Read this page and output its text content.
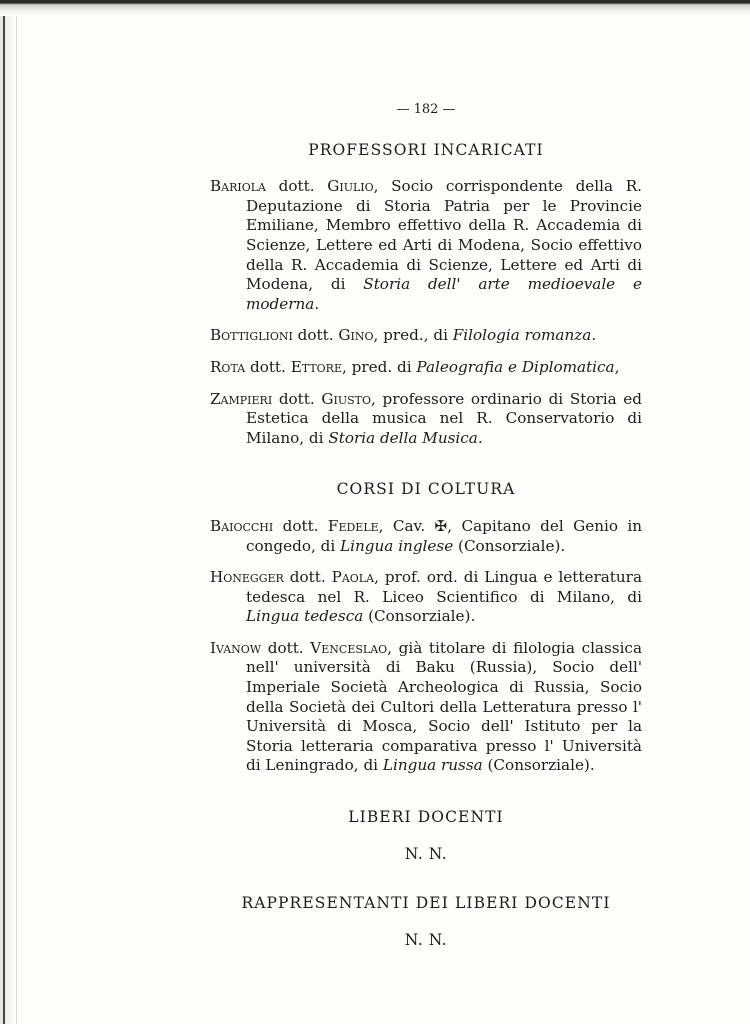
— 182 —
PROFESSORI INCARICATI

Bariola dott. Giulio, Socio corrispondente della R. Deputazione di Storia Patria per le Provincie Emiliane, Membro effettivo della R. Accademia di Scienze, Lettere ed Arti di Modena, Socio effettivo della R. Accademia di Scienze, Lettere ed Arti di Modena, di Storia dell' arte medioevale e moderna.

Bottiglioni dott. Gino, pred., di Filologia romanza.

Rota dott. Ettore, pred. di Paleografia e Diplomatica,

Zampieri dott. Giusto, professore ordinario di Storia ed Estetica della musica nel R. Conservatorio di Milano, di Storia della Musica.

CORSI DI COLTURA

Baiocchi dott. Fedele, Cav. ✠, Capitano del Genio in congedo, di Lingua inglese (Consorziale).

Honegger dott. Paola, prof. ord. di Lingua e letteratura tedesca nel R. Liceo Scientifico di Milano, di Lingua tedesca (Consorziale).

Ivanow dott. Venceslao, già titolare di filologia classica nell' università di Baku (Russia), Socio dell' Imperiale Società Archeologica di Russia, Socio della Società dei Cultori della Letteratura presso l' Università di Mosca, Socio dell' Istituto per la Storia letteraria comparativa presso l' Università di Leningrado, di Lingua russa (Consorziale).

LIBERI DOCENTI

N. N.

RAPPRESENTANTI DEI LIBERI DOCENTI

N. N.
